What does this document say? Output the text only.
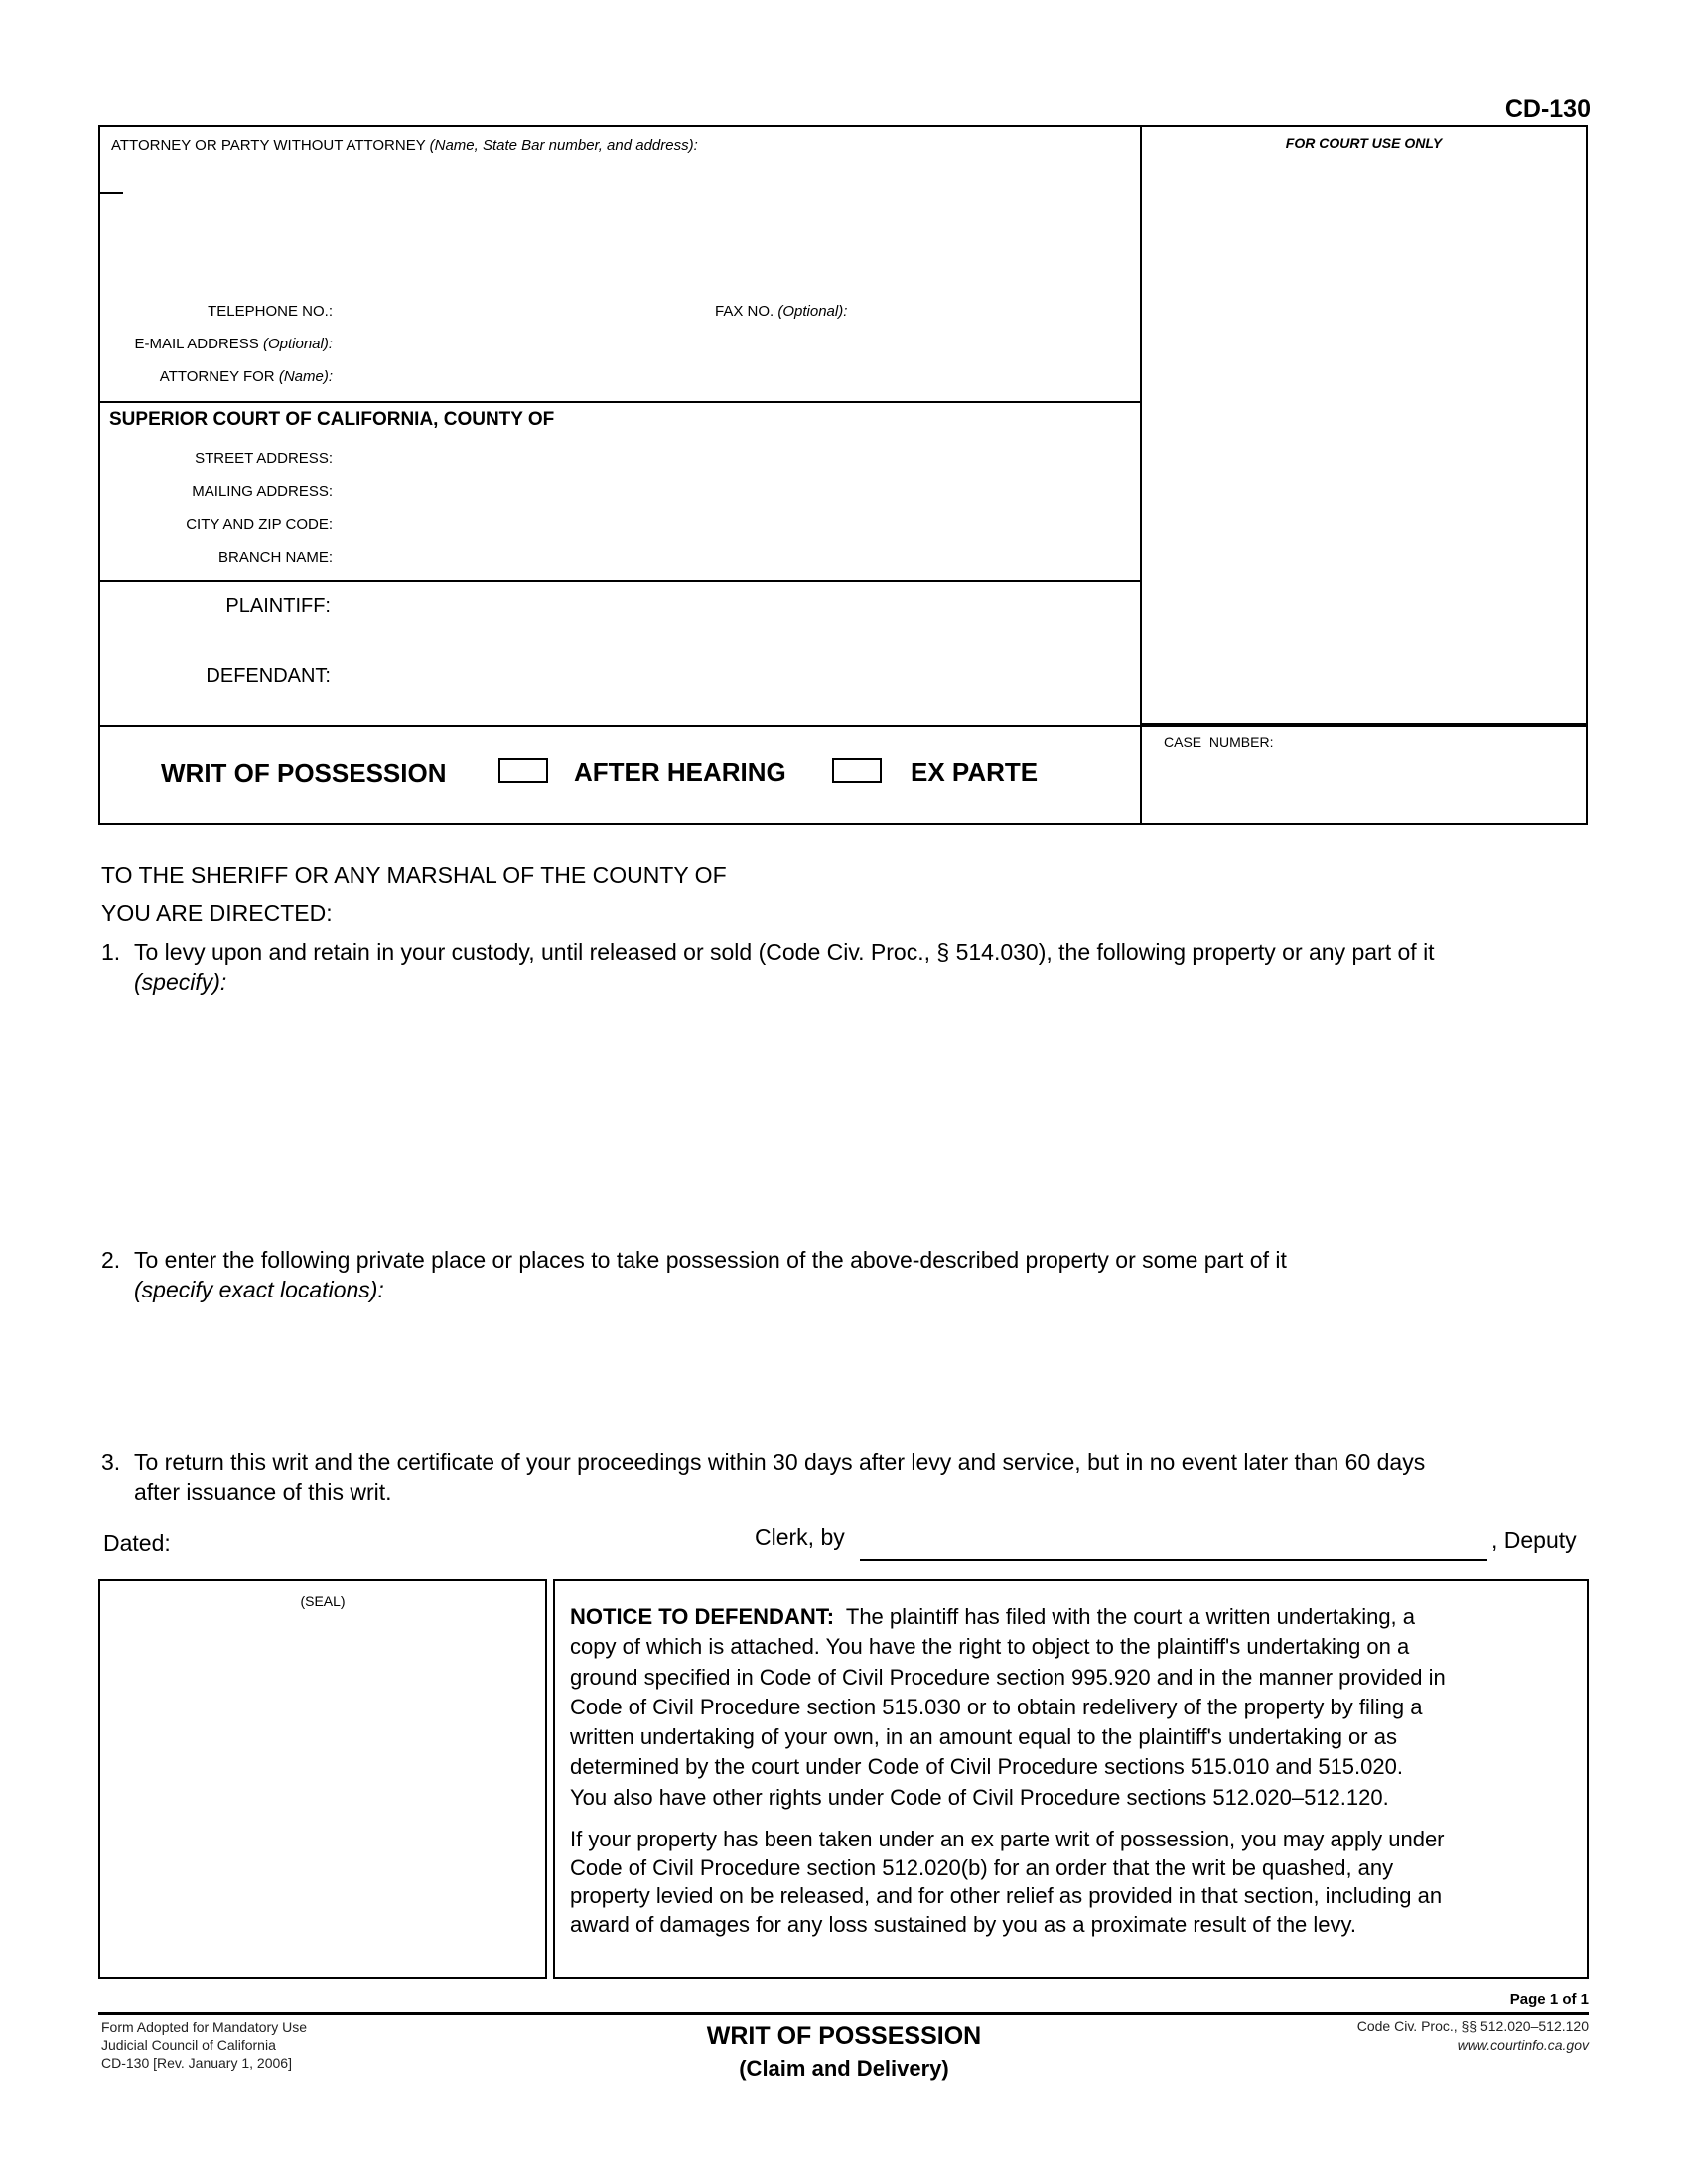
CD-130
ATTORNEY OR PARTY WITHOUT ATTORNEY (Name, State Bar number, and address):
TELEPHONE NO.:	FAX NO. (Optional):
E-MAIL ADDRESS (Optional):
ATTORNEY FOR (Name):
FOR COURT USE ONLY
SUPERIOR COURT OF CALIFORNIA, COUNTY OF
STREET ADDRESS:
MAILING ADDRESS:
CITY AND ZIP CODE:
BRANCH NAME:
PLAINTIFF:
DEFENDANT:
WRIT OF POSSESSION	AFTER HEARING	EX PARTE
CASE  NUMBER:
TO THE SHERIFF OR ANY MARSHAL OF THE COUNTY OF
YOU ARE DIRECTED:
1. To levy upon and retain in your custody, until released or sold (Code Civ. Proc., § 514.030), the following property or any part of it
(specify):
2. To enter the following private place or places to take possession of the above-described property or some part of it
(specify exact locations):
3. To return this writ and the certificate of your proceedings within 30 days after levy and service, but in no event later than 60 days
after issuance of this writ.
Dated:	Clerk, by	, Deputy
(SEAL)
NOTICE TO DEFENDANT: The plaintiff has filed with the court a written undertaking, a
copy of which is attached. You have the right to object to the plaintiff's undertaking on a
ground specified in Code of Civil Procedure section 995.920 and in the manner provided in
Code of Civil Procedure section 515.030 or to obtain redelivery of the property by filing a
written undertaking of your own, in an amount equal to the plaintiff's undertaking or as
determined by the court under Code of Civil Procedure sections 515.010 and 515.020.
You also have other rights under Code of Civil Procedure sections 512.020–512.120.
If your property has been taken under an ex parte writ of possession, you may apply under
Code of Civil Procedure section 512.020(b) for an order that the writ be quashed, any
property levied on be released, and for other relief as provided in that section, including an
award of damages for any loss sustained by you as a proximate result of the levy.
Page 1 of 1
Form Adopted for Mandatory Use
Judicial Council of California
CD-130 [Rev. January 1, 2006]
WRIT OF POSSESSION
(Claim and Delivery)
Code Civ. Proc., §§ 512.020–512.120
www.courtinfo.ca.gov
